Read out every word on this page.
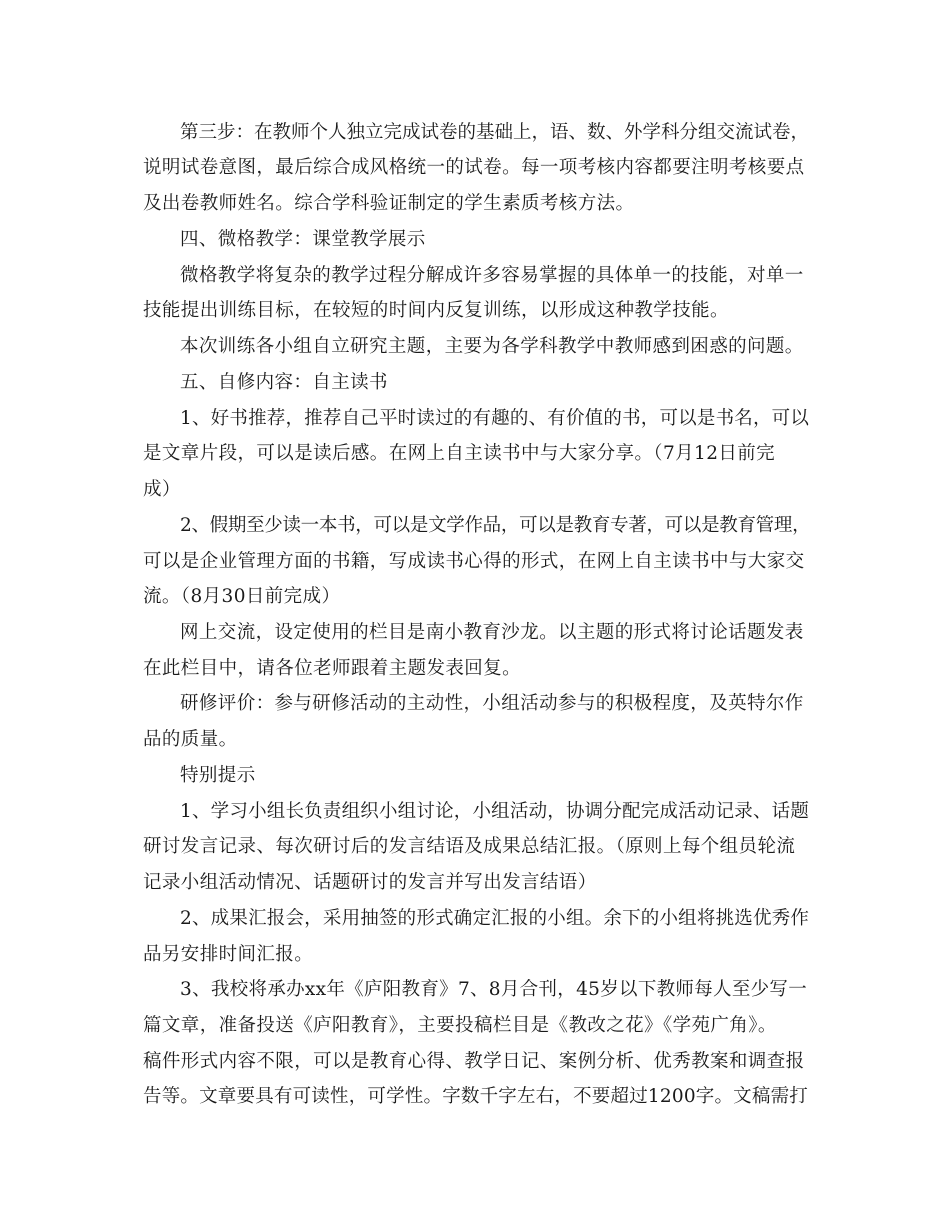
第三步：在教师个人独立完成试卷的基础上，语、数、外学科分组交流试卷，
说明试卷意图，最后综合成风格统一的试卷。每一项考核内容都要注明考核要点
及出卷教师姓名。综合学科验证制定的学生素质考核方法。
四、微格教学：课堂教学展示
微格教学将复杂的教学过程分解成许多容易掌握的具体单一的技能，对单一
技能提出训练目标，在较短的时间内反复训练，以形成这种教学技能。
本次训练各小组自立研究主题，主要为各学科教学中教师感到困惑的问题。
五、自修内容：自主读书
1、好书推荐，推荐自己平时读过的有趣的、有价值的书，可以是书名，可以
是文章片段，可以是读后感。在网上自主读书中与大家分享。（7月12日前完
成）
2、假期至少读一本书，可以是文学作品，可以是教育专著，可以是教育管理，
可以是企业管理方面的书籍，写成读书心得的形式，在网上自主读书中与大家交
流。（8月30日前完成）
网上交流，设定使用的栏目是南小教育沙龙。以主题的形式将讨论话题发表
在此栏目中，请各位老师跟着主题发表回复。
研修评价：参与研修活动的主动性，小组活动参与的积极程度，及英特尔作
品的质量。
特别提示
1、学习小组长负责组织小组讨论，小组活动，协调分配完成活动记录、话题
研讨发言记录、每次研讨后的发言结语及成果总结汇报。（原则上每个组员轮流
记录小组活动情况、话题研讨的发言并写出发言结语）
2、成果汇报会，采用抽签的形式确定汇报的小组。余下的小组将挑选优秀作
品另安排时间汇报。
3、我校将承办xx年《庐阳教育》7、8月合刊，45岁以下教师每人至少写一
篇文章，准备投送《庐阳教育》，主要投稿栏目是《教改之花》《学苑广角》。
稿件形式内容不限，可以是教育心得、教学日记、案例分析、优秀教案和调查报
告等。文章要具有可读性，可学性。字数千字左右，不要超过1200字。文稿需打
